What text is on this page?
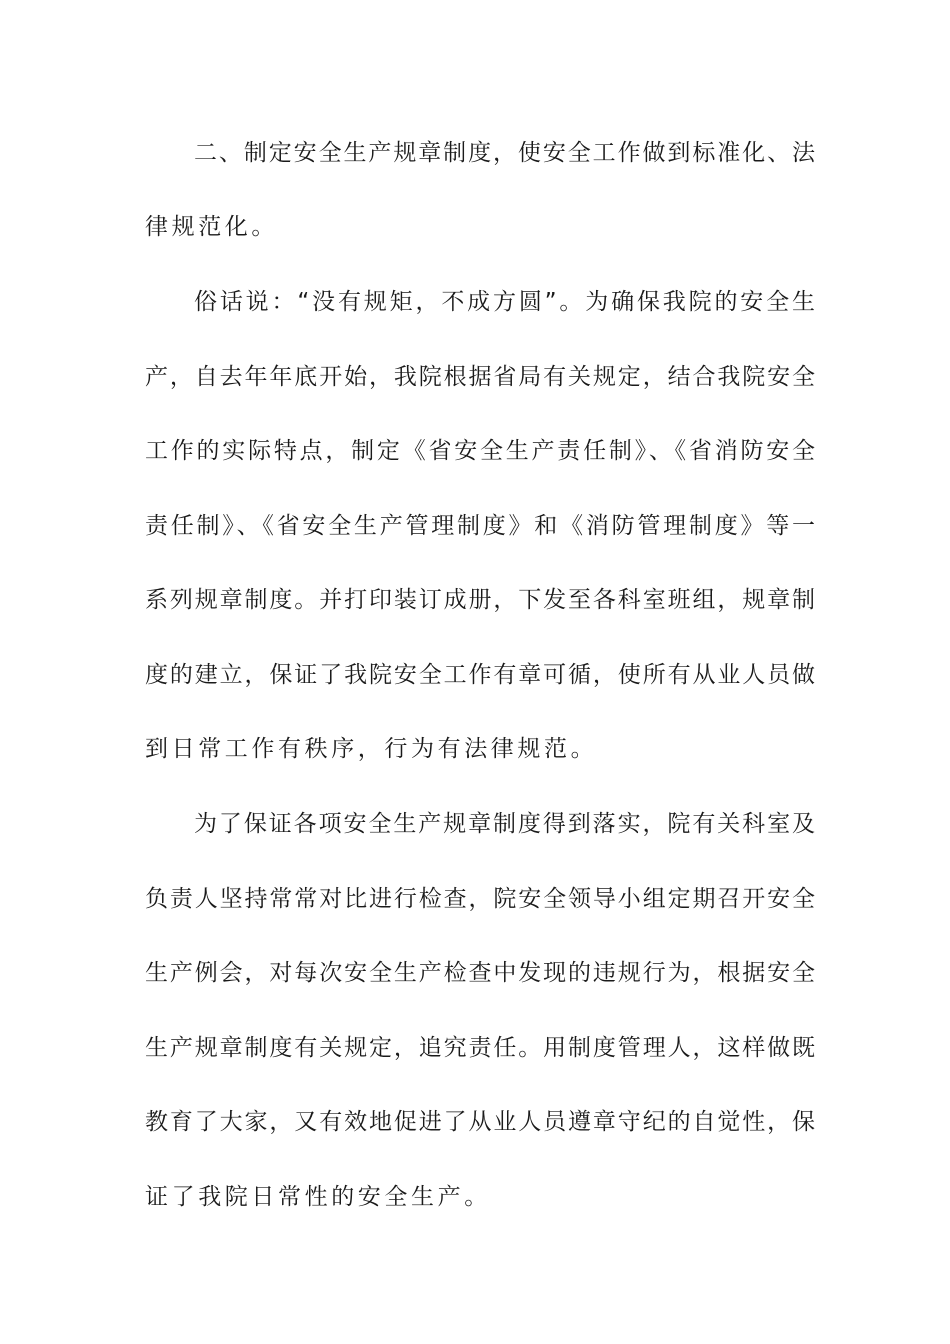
二、制定安全生产规章制度，使安全工作做到标准化、法
律规范化。
俗话说：“没有规矩，不成方圆”。为确保我院的安全生
产，自去年年底开始，我院根据省局有关规定，结合我院安全
工作的实际特点，制定《省安全生产责任制》、《省消防安全
责任制》、《省安全生产管理制度》和《消防管理制度》等一
系列规章制度。并打印装订成册，下发至各科室班组，规章制
度的建立，保证了我院安全工作有章可循，使所有从业人员做
到日常工作有秩序，行为有法律规范。
为了保证各项安全生产规章制度得到落实，院有关科室及
负责人坚持常常对比进行检查，院安全领导小组定期召开安全
生产例会，对每次安全生产检查中发现的违规行为，根据安全
生产规章制度有关规定，追究责任。用制度管理人，这样做既
教育了大家，又有效地促进了从业人员遵章守纪的自觉性，保
证了我院日常性的安全生产。
